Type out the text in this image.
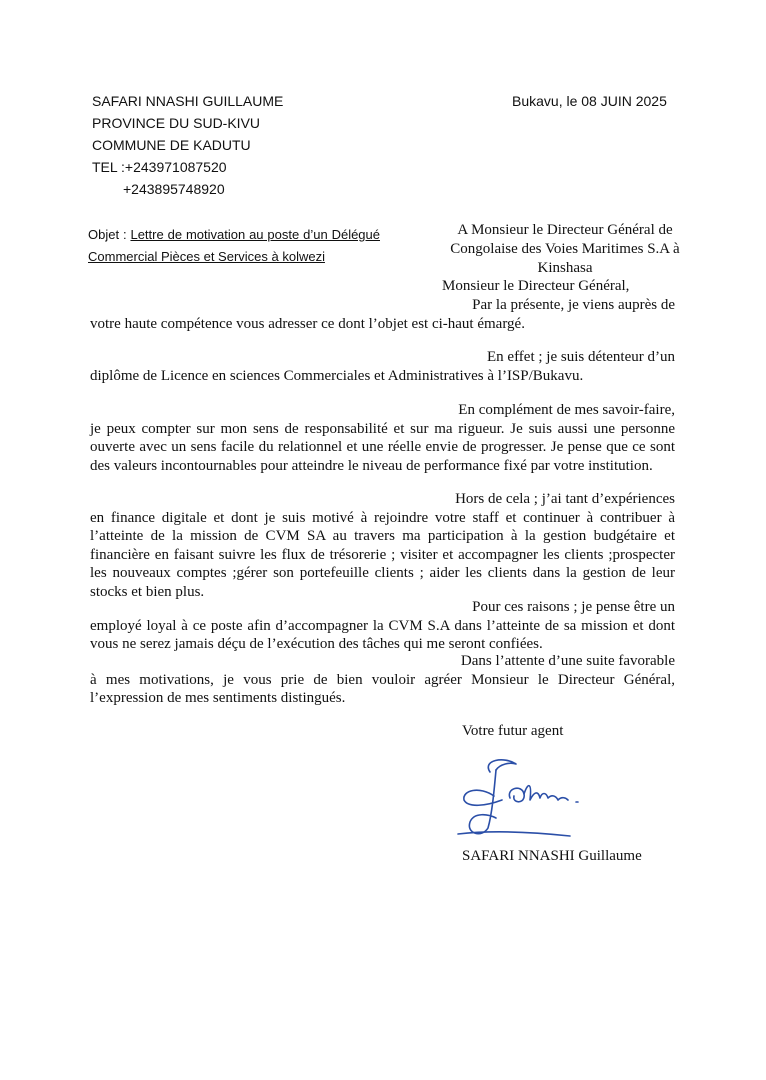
SAFARI NNASHI GUILLAUME
PROVINCE DU SUD-KIVU
COMMUNE DE KADUTU
TEL :+243971087520
+243895748920
Bukavu, le 08 JUIN 2025
Objet : Lettre de motivation au poste d’un Délégué Commercial Pièces et Services à kolwezi
A Monsieur le Directeur Général de Congolaise des Voies Maritimes S.A à Kinshasa
Monsieur le Directeur Général,
Par la présente, je viens auprès de
votre haute compétence vous adresser ce dont l’objet est ci-haut émargé.
En effet ; je suis détenteur d’un
diplôme de Licence en sciences Commerciales et Administratives à l’ISP/Bukavu.
En complément de mes savoir-faire,
je peux compter sur mon sens de responsabilité et sur ma rigueur. Je suis aussi une personne ouverte avec un sens facile du relationnel et une réelle envie de progresser. Je pense que ce sont des valeurs incontournables pour atteindre le niveau de performance fixé par votre institution.
Hors de cela ; j’ai tant d’expériences
en finance digitale et dont je suis motivé à rejoindre votre staff et continuer à contribuer à l’atteinte de la mission de CVM SA au travers ma participation à la gestion budgétaire et financière en faisant suivre les flux de trésorerie ; visiter et accompagner les clients ;prospecter les nouveaux comptes ;gérer son portefeuille clients ; aider les clients dans la gestion de leur stocks et bien plus.
Pour ces raisons ; je pense être un
employé loyal à ce poste afin d’accompagner la CVM S.A dans l’atteinte de sa mission et dont vous ne serez jamais déçu de l’exécution des tâches qui me seront confiées.
Dans l’attente d’une suite favorable
à mes motivations, je vous prie de bien vouloir agréer Monsieur le Directeur Général, l’expression de mes sentiments distingués.
Votre futur agent
SAFARI NNASHI Guillaume
